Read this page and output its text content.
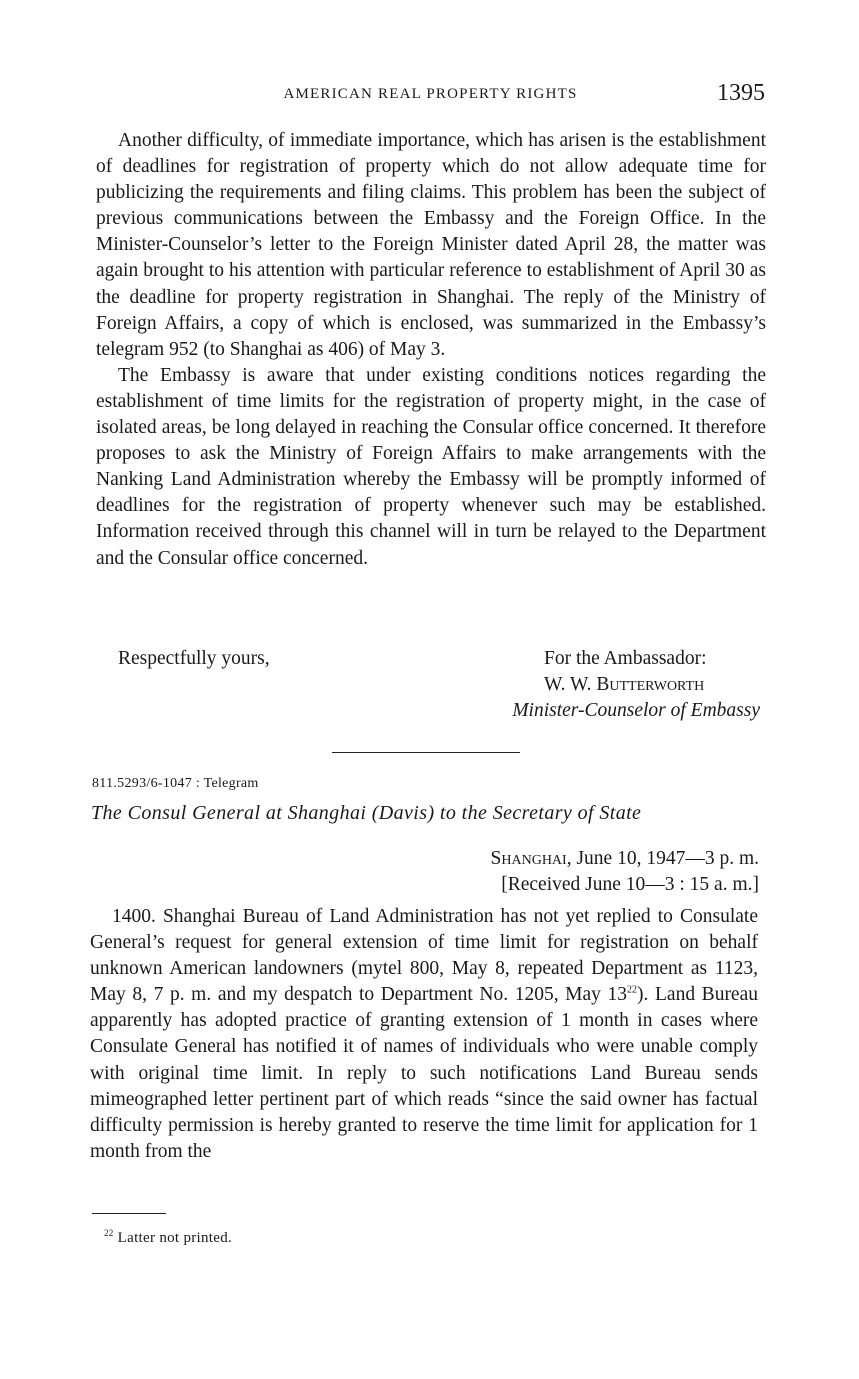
AMERICAN REAL PROPERTY RIGHTS	1395

Another difficulty, of immediate importance, which has arisen is the establishment of deadlines for registration of property which do not allow adequate time for publicizing the requirements and filing claims. This problem has been the subject of previous communications between the Embassy and the Foreign Office. In the Minister-Counselor’s letter to the Foreign Minister dated April 28, the matter was again brought to his attention with particular reference to establishment of April 30 as the deadline for property registration in Shanghai. The reply of the Ministry of Foreign Affairs, a copy of which is enclosed, was summarized in the Embassy’s telegram 952 (to Shanghai as 406) of May 3.

The Embassy is aware that under existing conditions notices regarding the establishment of time limits for the registration of property might, in the case of isolated areas, be long delayed in reaching the Consular office concerned. It therefore proposes to ask the Ministry of Foreign Affairs to make arrangements with the Nanking Land Administration whereby the Embassy will be promptly informed of deadlines for the registration of property whenever such may be established. Information received through this channel will in turn be relayed to the Department and the Consular office concerned.

Respectfully yours,	For the Ambassador:
W. W. Butterworth
Minister-Counselor of Embassy
811.5293/6-1047 : Telegram
The Consul General at Shanghai (Davis) to the Secretary of State
Shanghai, June 10, 1947—3 p. m.
[Received June 10—3 : 15 a. m.]

1400. Shanghai Bureau of Land Administration has not yet replied to Consulate General’s request for general extension of time limit for registration on behalf unknown American landowners (mytel 800, May 8, repeated Department as 1123, May 8, 7 p. m. and my despatch to Department No. 1205, May $13^{22}$). Land Bureau apparently has adopted practice of granting extension of 1 month in cases where Consulate General has notified it of names of individuals who were unable comply with original time limit. In reply to such notifications Land Bureau sends mimeographed letter pertinent part of which reads “since the said owner has factual difficulty permission is hereby granted to reserve the time limit for application for 1 month from the

$^{22}$ Latter not printed.
